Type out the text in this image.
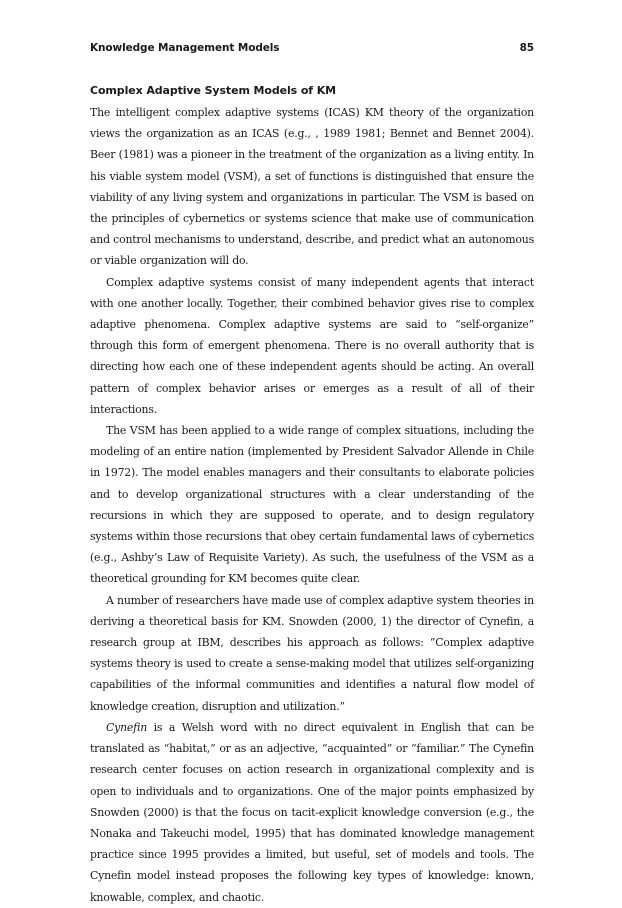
Knowledge Management Models	85
Complex Adaptive System Models of KM

The intelligent complex adaptive systems (ICAS) KM theory of the organization views the organization as an ICAS (e.g., , 1989 1981; Bennet and Bennet 2004). Beer (1981) was a pioneer in the treatment of the organization as a living entity. In his viable system model (VSM), a set of functions is distinguished that ensure the viability of any living system and organizations in particular. The VSM is based on the principles of cybernetics or systems science that make use of communication and control mechanisms to understand, describe, and predict what an autonomous or viable organization will do.

Complex adaptive systems consist of many independent agents that interact with one another locally. Together, their combined behavior gives rise to complex adaptive phenomena. Complex adaptive systems are said to “self-organize” through this form of emergent phenomena. There is no overall authority that is directing how each one of these independent agents should be acting. An overall pattern of complex behavior arises or emerges as a result of all of their interactions.

The VSM has been applied to a wide range of complex situations, including the modeling of an entire nation (implemented by President Salvador Allende in Chile in 1972). The model enables managers and their consultants to elaborate policies and to develop organizational structures with a clear understanding of the recursions in which they are supposed to operate, and to design regulatory systems within those recursions that obey certain fundamental laws of cybernetics (e.g., Ashby’s Law of Requisite Variety). As such, the usefulness of the VSM as a theoretical grounding for KM becomes quite clear.

A number of researchers have made use of complex adaptive system theories in deriving a theoretical basis for KM. Snowden (2000, 1) the director of Cynefin, a research group at IBM, describes his approach as follows: “Complex adaptive systems theory is used to create a sense-making model that utilizes self-organizing capabilities of the informal communities and identifies a natural flow model of knowledge creation, disruption and utilization.”

Cynefin is a Welsh word with no direct equivalent in English that can be translated as “habitat,” or as an adjective, “acquainted” or “familiar.” The Cynefin research center focuses on action research in organizational complexity and is open to individuals and to organizations. One of the major points emphasized by Snowden (2000) is that the focus on tacit-explicit knowledge conversion (e.g., the Nonaka and Takeuchi model, 1995) that has dominated knowledge management practice since 1995 provides a limited, but useful, set of models and tools. The Cynefin model instead proposes the following key types of knowledge: known, knowable, complex, and chaotic.
